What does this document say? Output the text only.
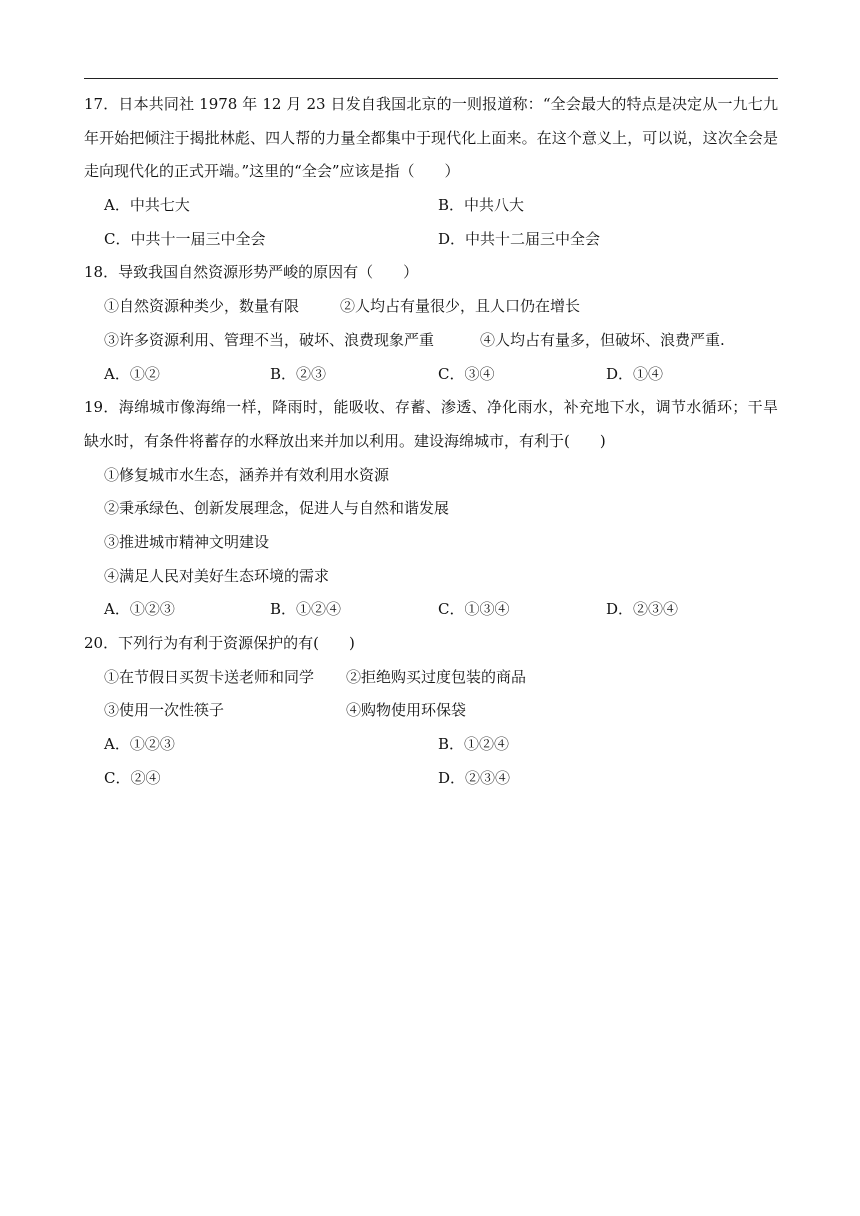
17．日本共同社 1978 年 12 月 23 日发自我国北京的一则报道称：“全会最大的特点是决定从一九七九年开始把倾注于揭批林彪、四人帮的力量全都集中于现代化上面来。在这个意义上，可以说，这次全会是走向现代化的正式开端。”这里的“全会”应该是指（　　）

A．中共七大	B．中共八大
C．中共十一届三中全会	D．中共十二届三中全会

18．导致我国自然资源形势严峻的原因有（　　）

①自然资源种类少，数量有限	②人均占有量很少，且人口仍在增长
③许多资源利用、管理不当，破坏、浪费现象严重	④人均占有量多，但破坏、浪费严重.
A．①②	B．②③	C．③④	D．①④

19．海绵城市像海绵一样，降雨时，能吸收、存蓄、渗透、净化雨水，补充地下水，调节水循环；干旱缺水时，有条件将蓄存的水释放出来并加以利用。建设海绵城市，有利于(　　)

①修复城市水生态，涵养并有效利用水资源
②秉承绿色、创新发展理念，促进人与自然和谐发展
③推进城市精神文明建设
④满足人民对美好生态环境的需求
A．①②③	B．①②④	C．①③④	D．②③④

20．下列行为有利于资源保护的有(　　)

①在节假日买贺卡送老师和同学 ②拒绝购买过度包装的商品
③使用一次性筷子	④购物使用环保袋
A．①②③	B．①②④
C．②④	D．②③④
